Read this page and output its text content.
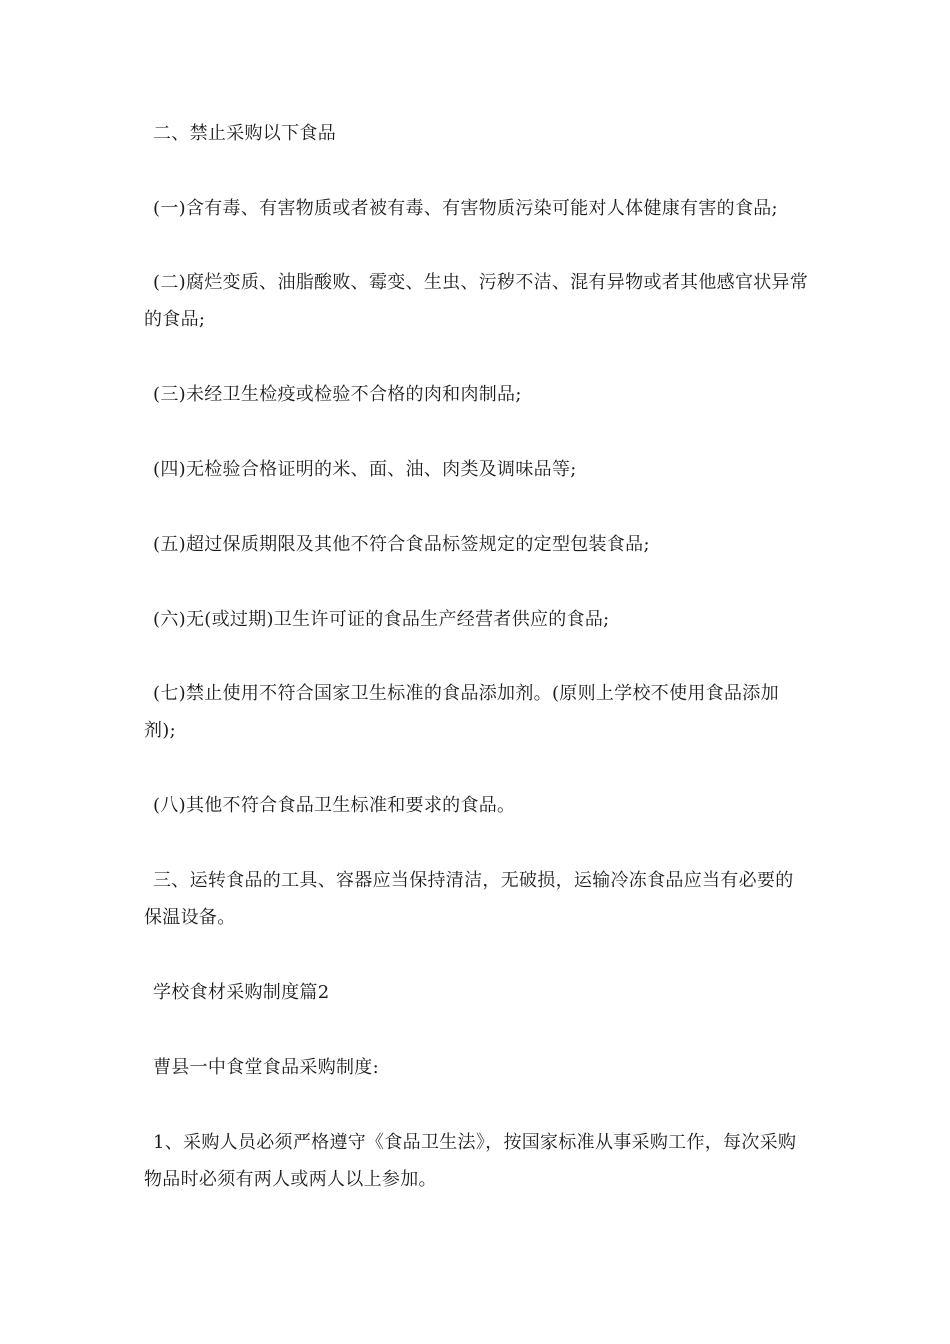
二、禁止采购以下食品

(一)含有毒、有害物质或者被有毒、有害物质污染可能对人体健康有害的食品;

(二)腐烂变质、油脂酸败、霉变、生虫、污秽不洁、混有异物或者其他感官状异常的食品;

(三)未经卫生检疫或检验不合格的肉和肉制品;

(四)无检验合格证明的米、面、油、肉类及调味品等;

(五)超过保质期限及其他不符合食品标签规定的定型包装食品;

(六)无(或过期)卫生许可证的食品生产经营者供应的食品;

(七)禁止使用不符合国家卫生标准的食品添加剂。(原则上学校不使用食品添加剂);

(八)其他不符合食品卫生标准和要求的食品。

三、运转食品的工具、容器应当保持清洁，无破损，运输冷冻食品应当有必要的保温设备。

学校食材采购制度篇2

曹县一中食堂食品采购制度:

1、采购人员必须严格遵守《食品卫生法》，按国家标准从事采购工作，每次采购物品时必须有两人或两人以上参加。
